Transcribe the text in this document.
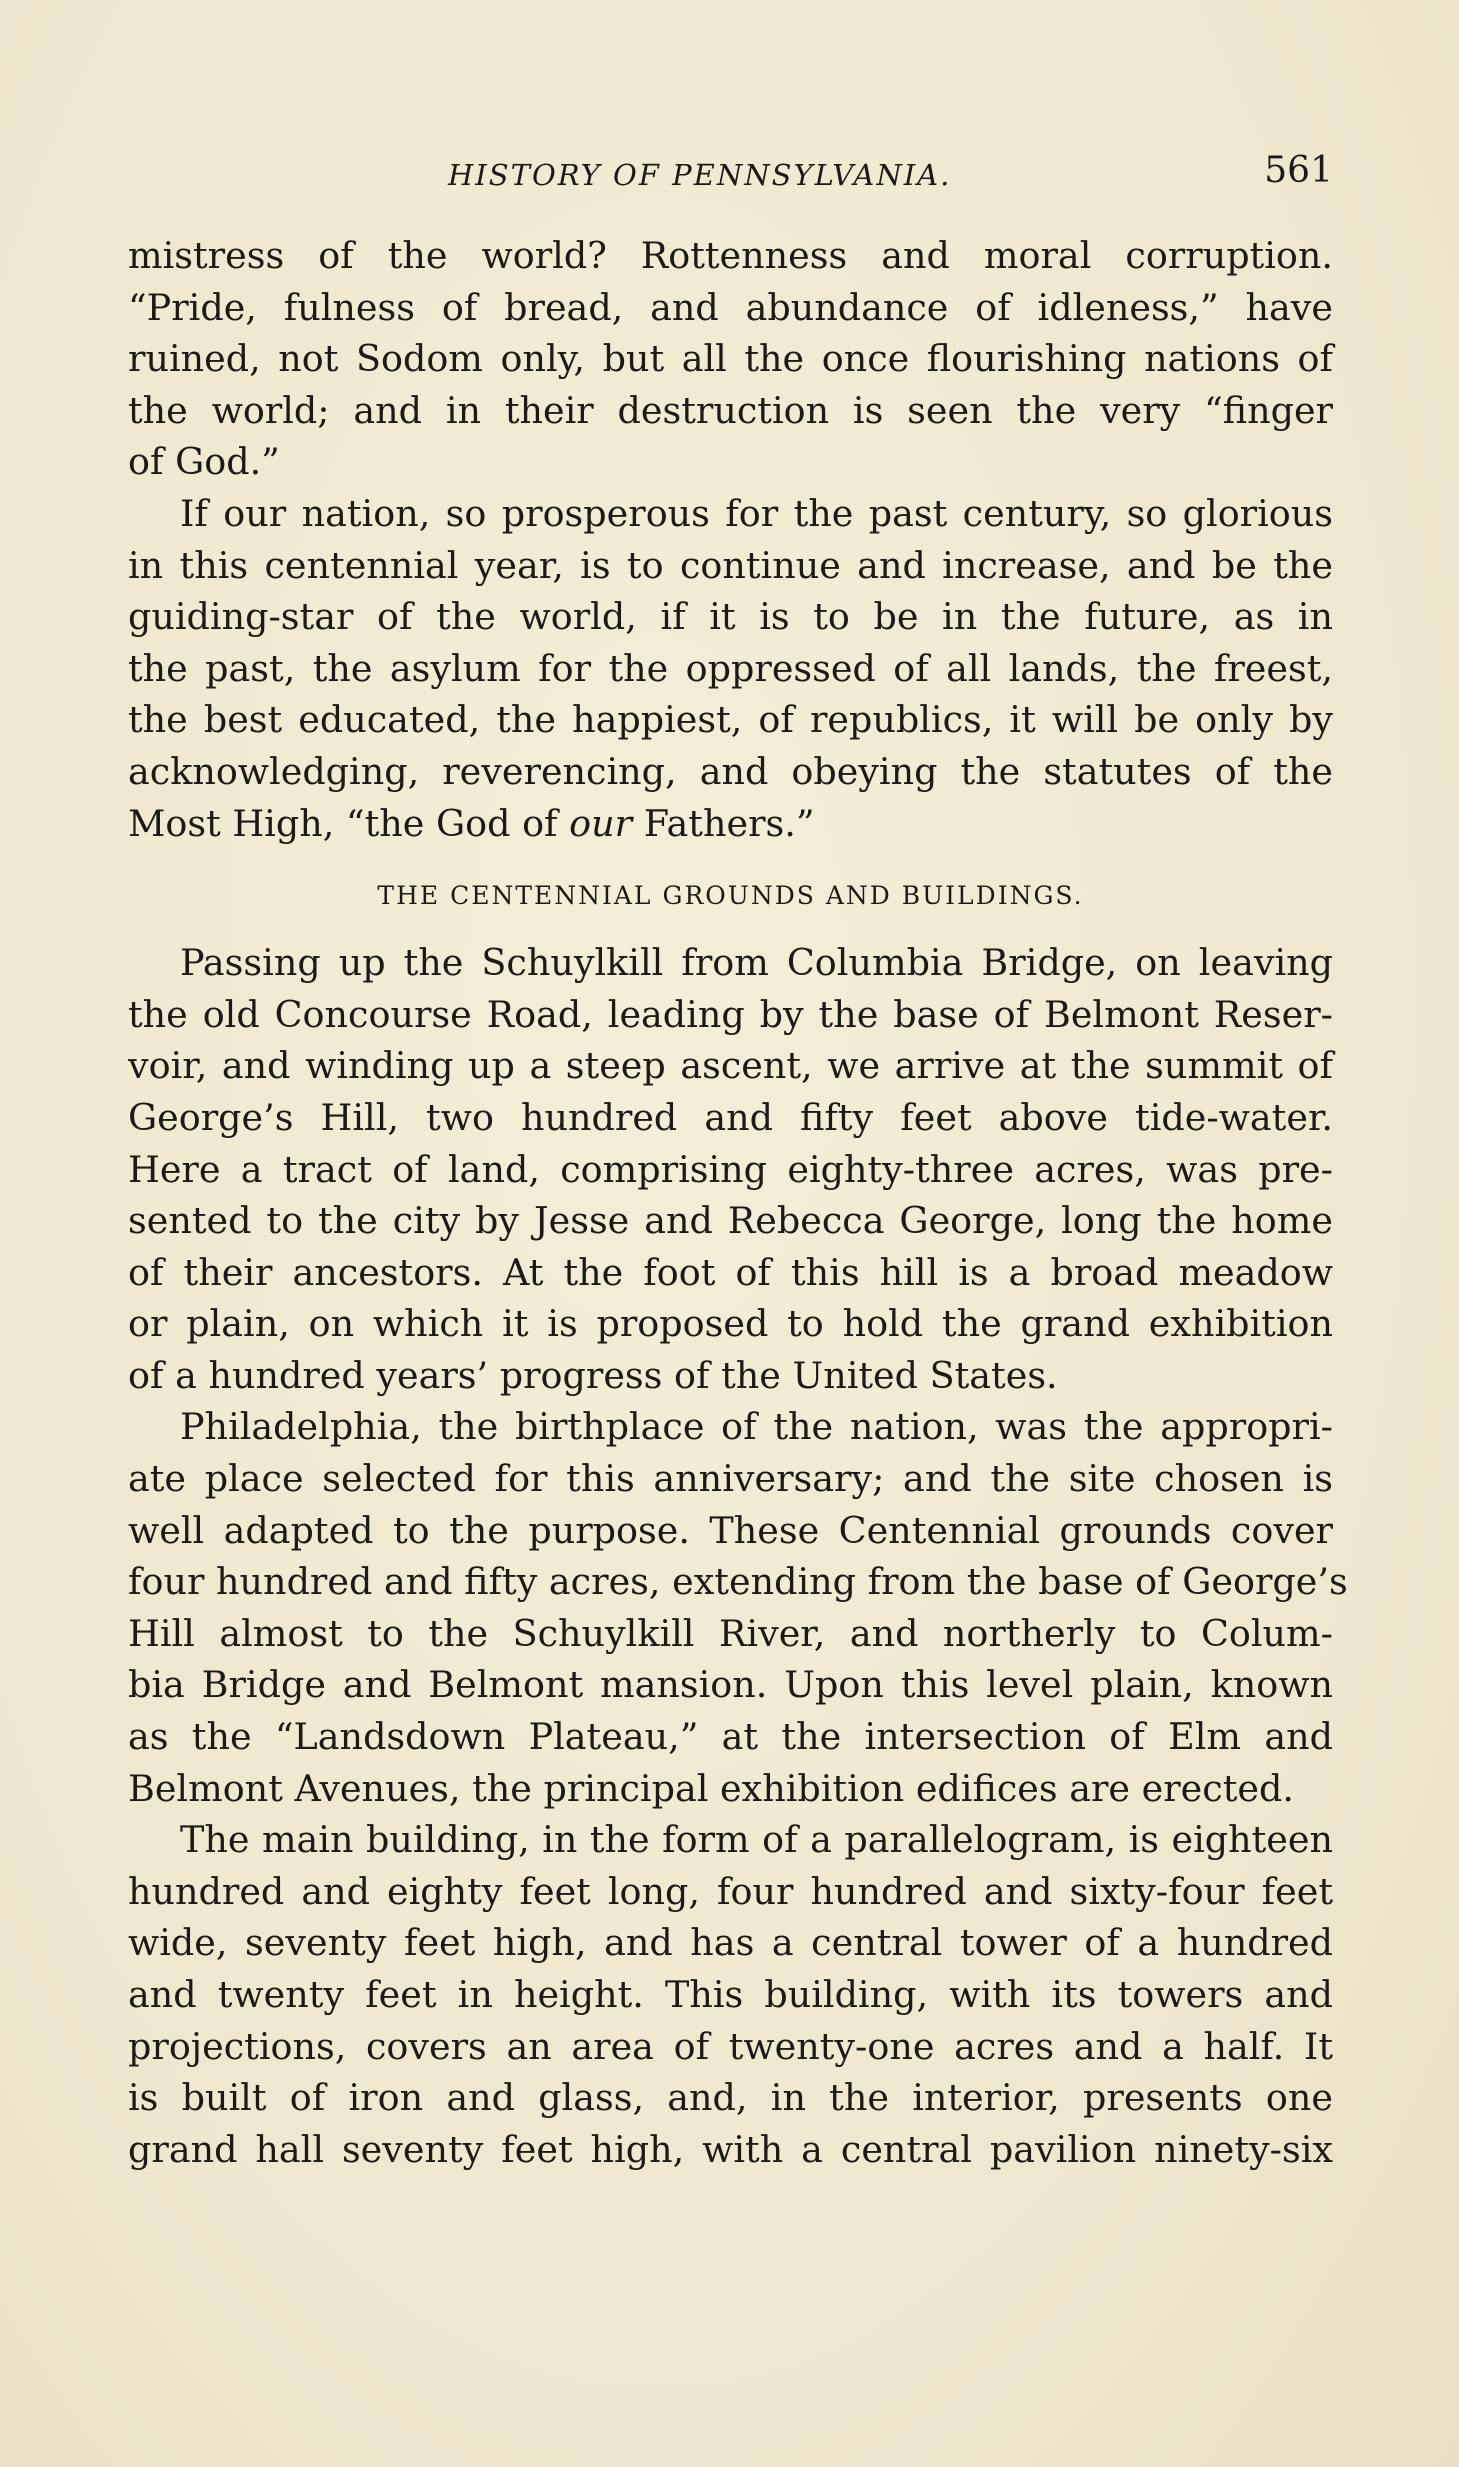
HISTORY OF PENNSYLVANIA.	561
mistress of the world? Rottenness and moral corruption.
“Pride, fulness of bread, and abundance of idleness,” have
ruined, not Sodom only, but all the once flourishing nations of
the world; and in their destruction is seen the very “finger
of God.”
If our nation, so prosperous for the past century, so glorious
in this centennial year, is to continue and increase, and be the
guiding-star of the world, if it is to be in the future, as in
the past, the asylum for the oppressed of all lands, the freest,
the best educated, the happiest, of republics, it will be only by
acknowledging, reverencing, and obeying the statutes of the
Most High, “the God of our Fathers.”
THE CENTENNIAL GROUNDS AND BUILDINGS.
Passing up the Schuylkill from Columbia Bridge, on leaving
the old Concourse Road, leading by the base of Belmont Reser-
voir, and winding up a steep ascent, we arrive at the summit of
George’s Hill, two hundred and fifty feet above tide-water.
Here a tract of land, comprising eighty-three acres, was pre-
sented to the city by Jesse and Rebecca George, long the home
of their ancestors. At the foot of this hill is a broad meadow
or plain, on which it is proposed to hold the grand exhibition
of a hundred years’ progress of the United States.
Philadelphia, the birthplace of the nation, was the appropri-
ate place selected for this anniversary; and the site chosen is
well adapted to the purpose. These Centennial grounds cover
four hundred and fifty acres, extending from the base of George’s
Hill almost to the Schuylkill River, and northerly to Colum-
bia Bridge and Belmont mansion. Upon this level plain, known
as the “Landsdown Plateau,” at the intersection of Elm and
Belmont Avenues, the principal exhibition edifices are erected.
The main building, in the form of a parallelogram, is eighteen
hundred and eighty feet long, four hundred and sixty-four feet
wide, seventy feet high, and has a central tower of a hundred
and twenty feet in height. This building, with its towers and
projections, covers an area of twenty-one acres and a half. It
is built of iron and glass, and, in the interior, presents one
grand hall seventy feet high, with a central pavilion ninety-six
